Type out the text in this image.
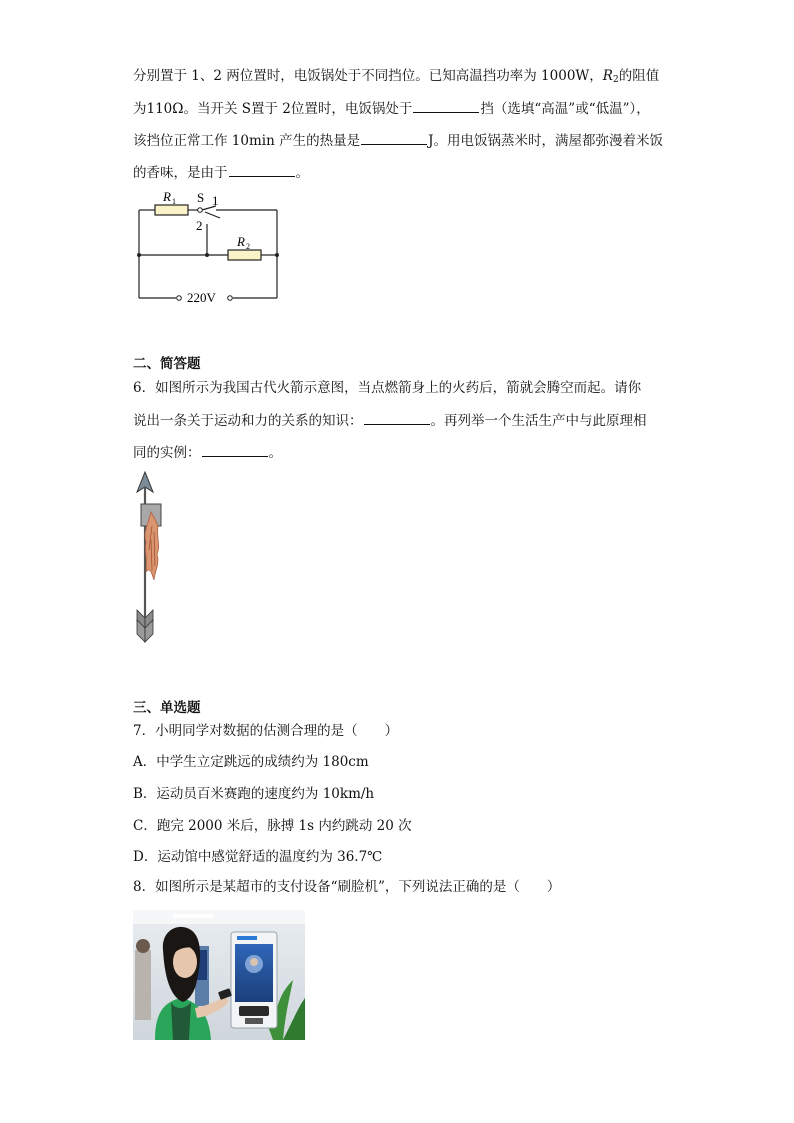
分别置于 1、2 两位置时，电饭锅处于不同挡位。已知高温挡功率为 1000W，$R_2$的阻值
为110Ω。当开关 S置于 2位置时，电饭锅处于	挡（选填“高温”或“低温”），
该挡位正常工作 10min 产生的热量是	J。用电饭锅蒸米时，满屋都弥漫着米饭
的香味，是由于	。
R 1 S 1
2
R 2
220V
二、简答题
6．如图所示为我国古代火箭示意图，当点燃箭身上的火药后，箭就会腾空而起。请你
说出一条关于运动和力的关系的知识：	。再列举一个生活生产中与此原理相
同的实例：	。
三、单选题
7．小明同学对数据的估测合理的是（　　）
A．中学生立定跳远的成绩约为 180cm
B．运动员百米赛跑的速度约为 10km/h
C．跑完 2000 米后，脉搏 1s 内约跳动 20 次
D．运动馆中感觉舒适的温度约为 36.7℃
8．如图所示是某超市的支付设备“刷脸机”，下列说法正确的是（　　）
